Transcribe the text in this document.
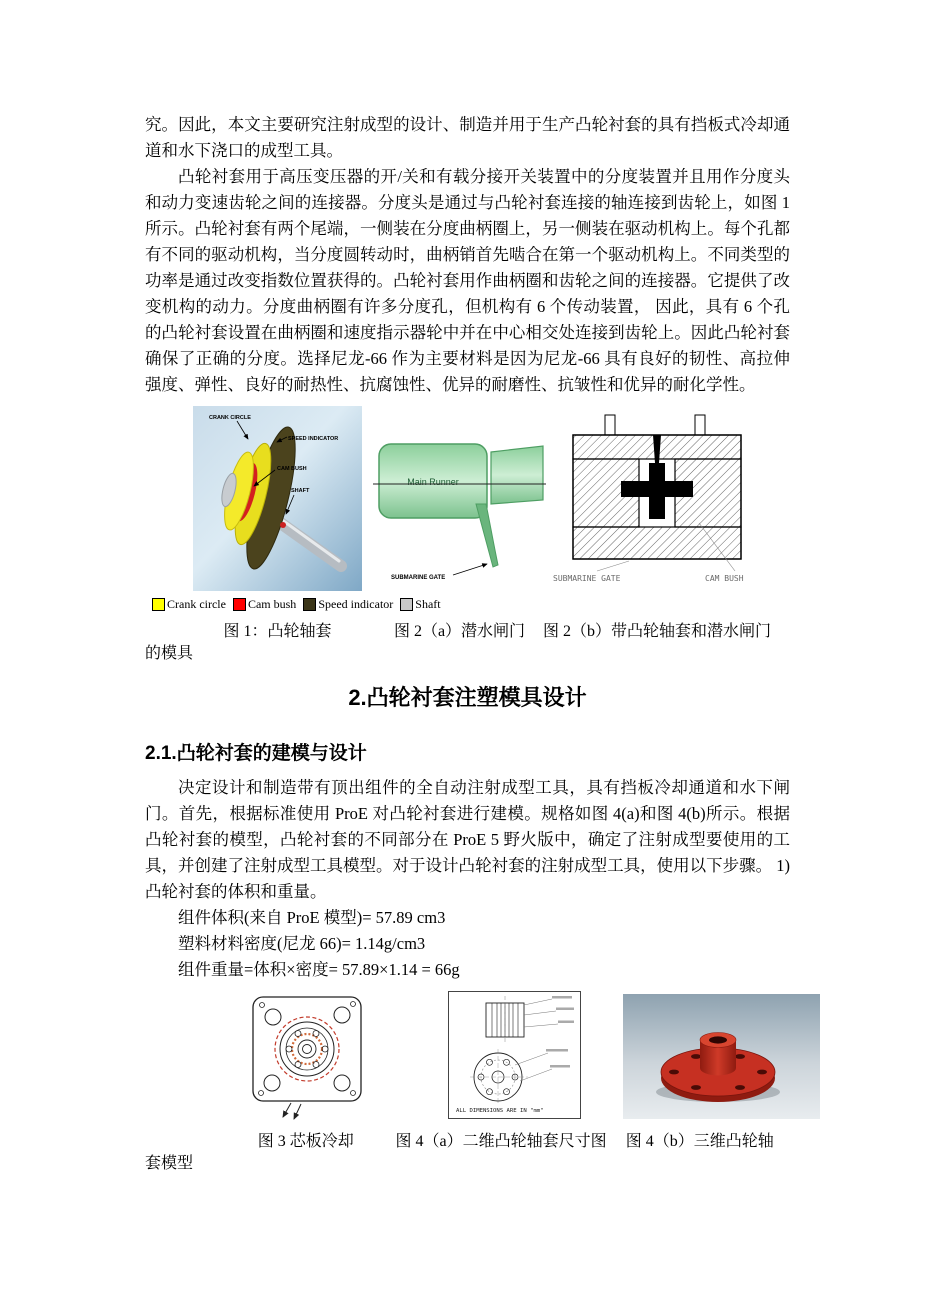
究。因此，本文主要研究注射成型的设计、制造并用于生产凸轮衬套的具有挡板式冷却通道和水下浇口的成型工具。

凸轮衬套用于高压变压器的开/关和有载分接开关装置中的分度装置并且用作分度头和动力变速齿轮之间的连接器。分度头是通过与凸轮衬套连接的轴连接到齿轮上，如图 1 所示。凸轮衬套有两个尾端，一侧装在分度曲柄圈上，另一侧装在驱动机构上。每个孔都有不同的驱动机构，当分度圆转动时，曲柄销首先啮合在第一个驱动机构上。不同类型的功率是通过改变指数位置获得的。凸轮衬套用作曲柄圈和齿轮之间的连接器。它提供了改变机构的动力。分度曲柄圈有许多分度孔，但机构有 6 个传动装置， 因此，具有 6 个孔的凸轮衬套设置在曲柄圈和速度指示器轮中并在中心相交处连接到齿轮上。因此凸轮衬套确保了正确的分度。选择尼龙-66 作为主要材料是因为尼龙-66 具有良好的韧性、高拉伸强度、弹性、良好的耐热性、抗腐蚀性、优异的耐磨性、抗皱性和优异的耐化学性。

CRANK CIRCLE
SPEED INDICATOR
CAM BUSH
SHAFT
Main Runner
SUBMARINE GATE	SUBMARINE GATE	CAM BUSH
Crank circle Cam bush Speed indicator Shaft
图 1：凸轮轴套	图 2（a）潜水闸门	图 2（b）带凸轮轴套和潜水闸门

的模具

2.凸轮衬套注塑模具设计
2.1.凸轮衬套的建模与设计

决定设计和制造带有顶出组件的全自动注射成型工具，具有挡板冷却通道和水下闸门。首先，根据标准使用 ProE 对凸轮衬套进行建模。规格如图 4(a)和图 4(b)所示。根据凸轮衬套的模型，凸轮衬套的不同部分在 ProE 5 野火版中，确定了注射成型要使用的工具，并创建了注射成型工具模型。对于设计凸轮衬套的注射成型工具，使用以下步骤。 1)凸轮衬套的体积和重量。

组件体积(来自 ProE 模型)= 57.89 cm3

塑料材料密度(尼龙 66)= 1.14g/cm3

组件重量=体积×密度= 57.89×1.14 = 66g

ALL DIMENSIONS ARE IN "mm"
图 3 芯板冷却	图 4（a）二维凸轮轴套尺寸图	图 4（b）三维凸轮轴

套模型
